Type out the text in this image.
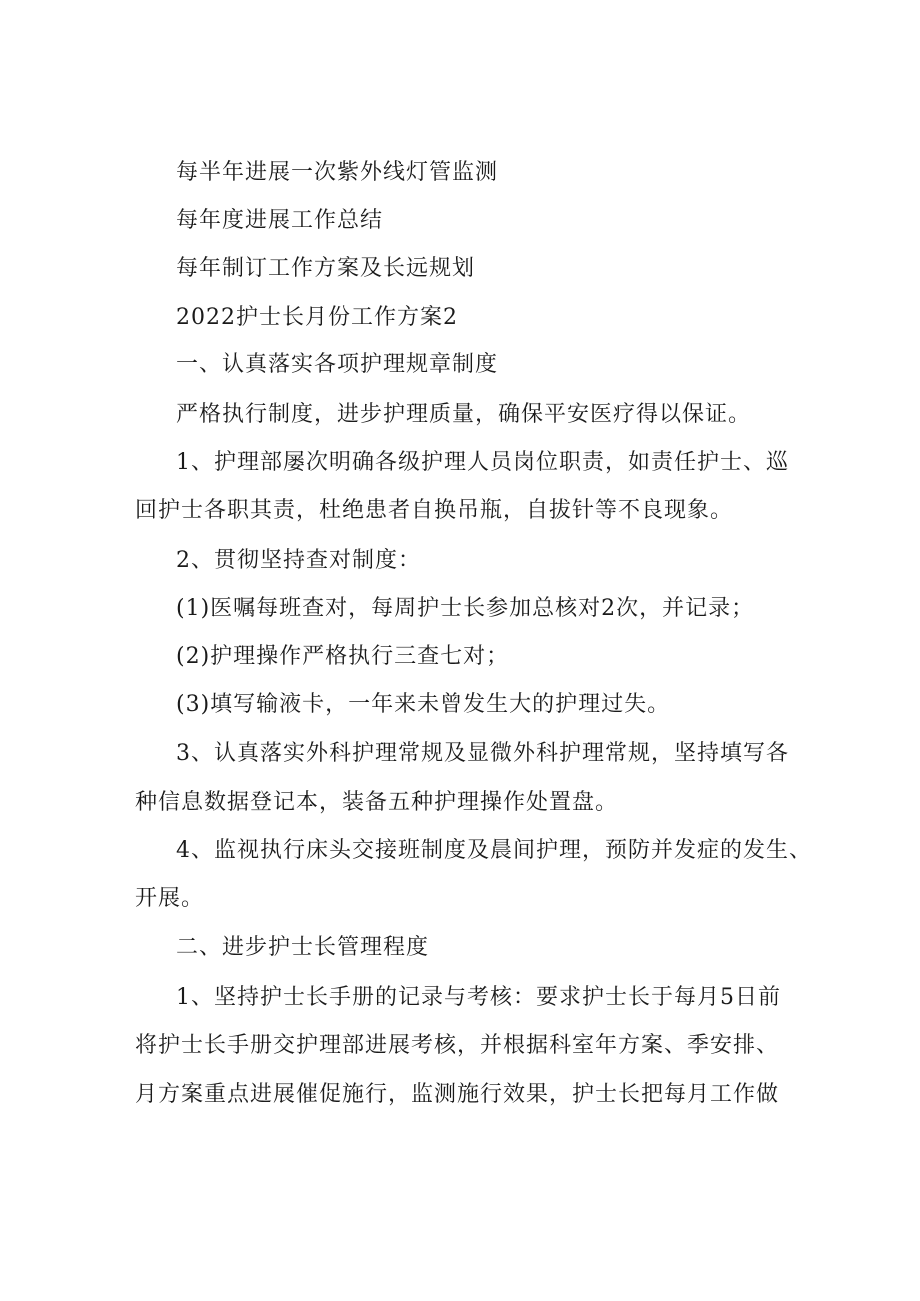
每半年进展一次紫外线灯管监测
每年度进展工作总结
每年制订工作方案及长远规划
2022护士长月份工作方案2
一、认真落实各项护理规章制度
严格执行制度，进步护理质量，确保平安医疗得以保证。
1、护理部屡次明确各级护理人员岗位职责，如责任护士、巡
回护士各职其责，杜绝患者自换吊瓶，自拔针等不良现象。
2、贯彻坚持查对制度：
(1)医嘱每班查对，每周护士长参加总核对2次，并记录；
(2)护理操作严格执行三查七对；
(3)填写输液卡，一年来未曾发生大的护理过失。
3、认真落实外科护理常规及显微外科护理常规，坚持填写各
种信息数据登记本，装备五种护理操作处置盘。
4、监视执行床头交接班制度及晨间护理，预防并发症的发生、
开展。
二、进步护士长管理程度
1、坚持护士长手册的记录与考核：要求护士长于每月5日前
将护士长手册交护理部进展考核，并根据科室年方案、季安排、
月方案重点进展催促施行，监测施行效果，护士长把每月工作做
